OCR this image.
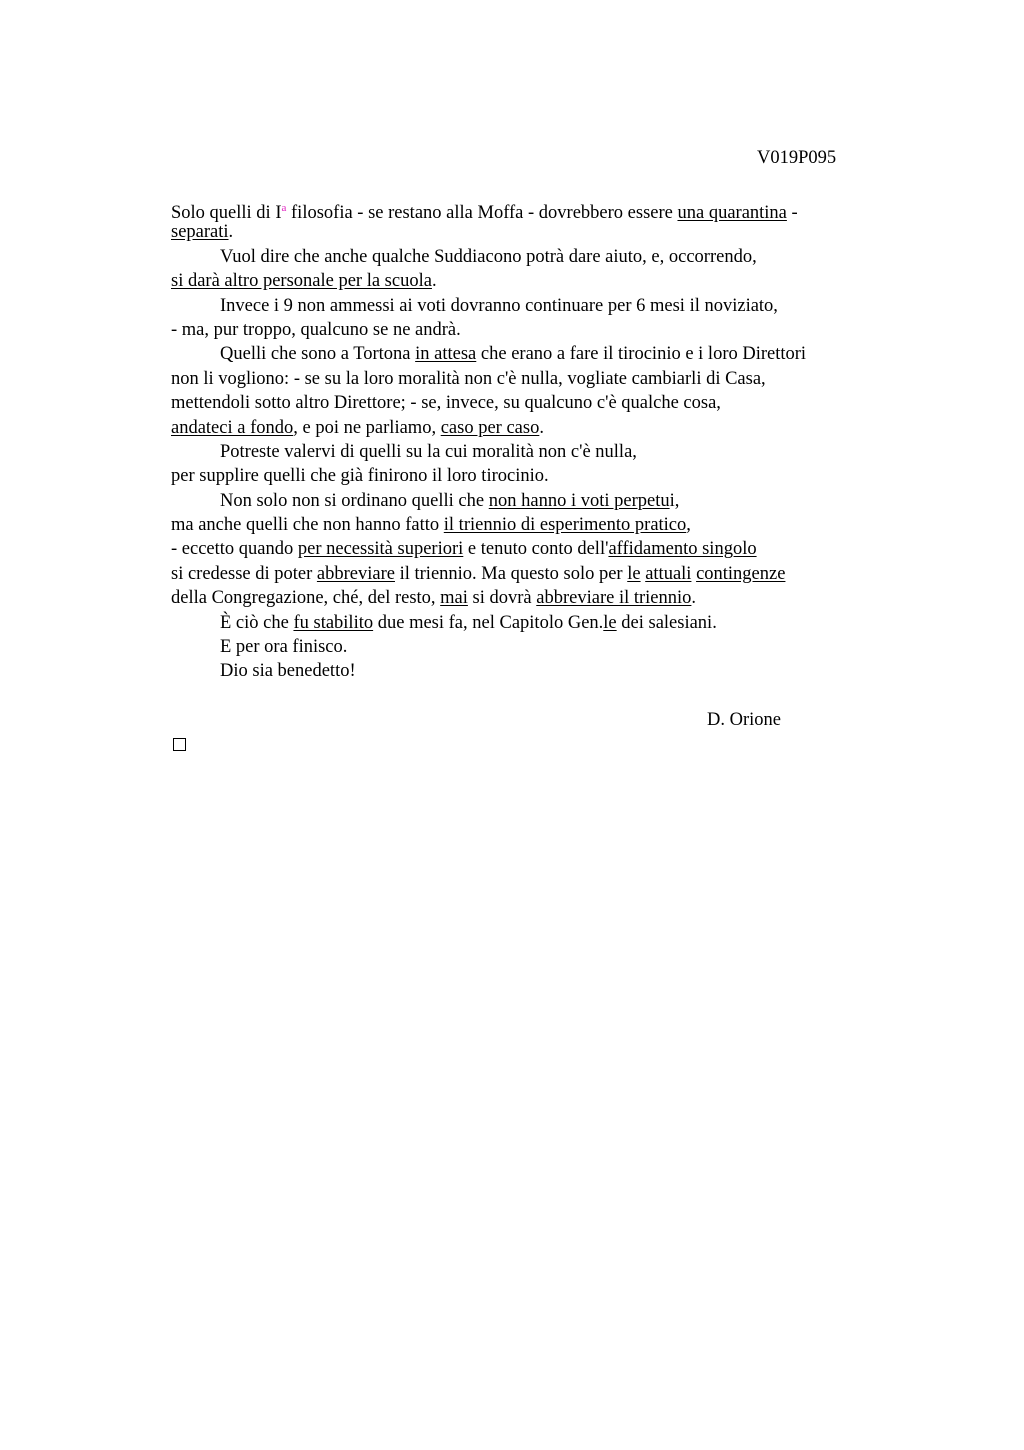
V019P095
Solo quelli di $I^a$ filosofia - se restano alla Moffa - dovrebbero essere una quarantina -
separati.
Vuol dire che anche qualche Suddiacono potrà dare aiuto, e, occorrendo,
si darà altro personale per la scuola.
Invece i 9 non ammessi ai voti dovranno continuare per 6 mesi il noviziato,
- ma, pur troppo, qualcuno se ne andrà.
Quelli che sono a Tortona in attesa che erano a fare il tirocinio e i loro Direttori
non li vogliono: - se su la loro moralità non c'è nulla, vogliate cambiarli di Casa,
mettendoli sotto altro Direttore; - se, invece, su qualcuno c'è qualche cosa,
andateci a fondo, e poi ne parliamo, caso per caso.
Potreste valervi di quelli su la cui moralità non c'è nulla,
per supplire quelli che già finirono il loro tirocinio.
Non solo non si ordinano quelli che non hanno i voti perpetui,
ma anche quelli che non hanno fatto il triennio di esperimento pratico,
- eccetto quando per necessità superiori e tenuto conto dell'affidamento singolo
si credesse di poter abbreviare il triennio. Ma questo solo per le attuali contingenze
della Congregazione, ché, del resto, mai si dovrà abbreviare il triennio.
È ciò che fu stabilito due mesi fa, nel Capitolo Gen.le dei salesiani.
E per ora finisco.
Dio sia benedetto!
D. Orione
